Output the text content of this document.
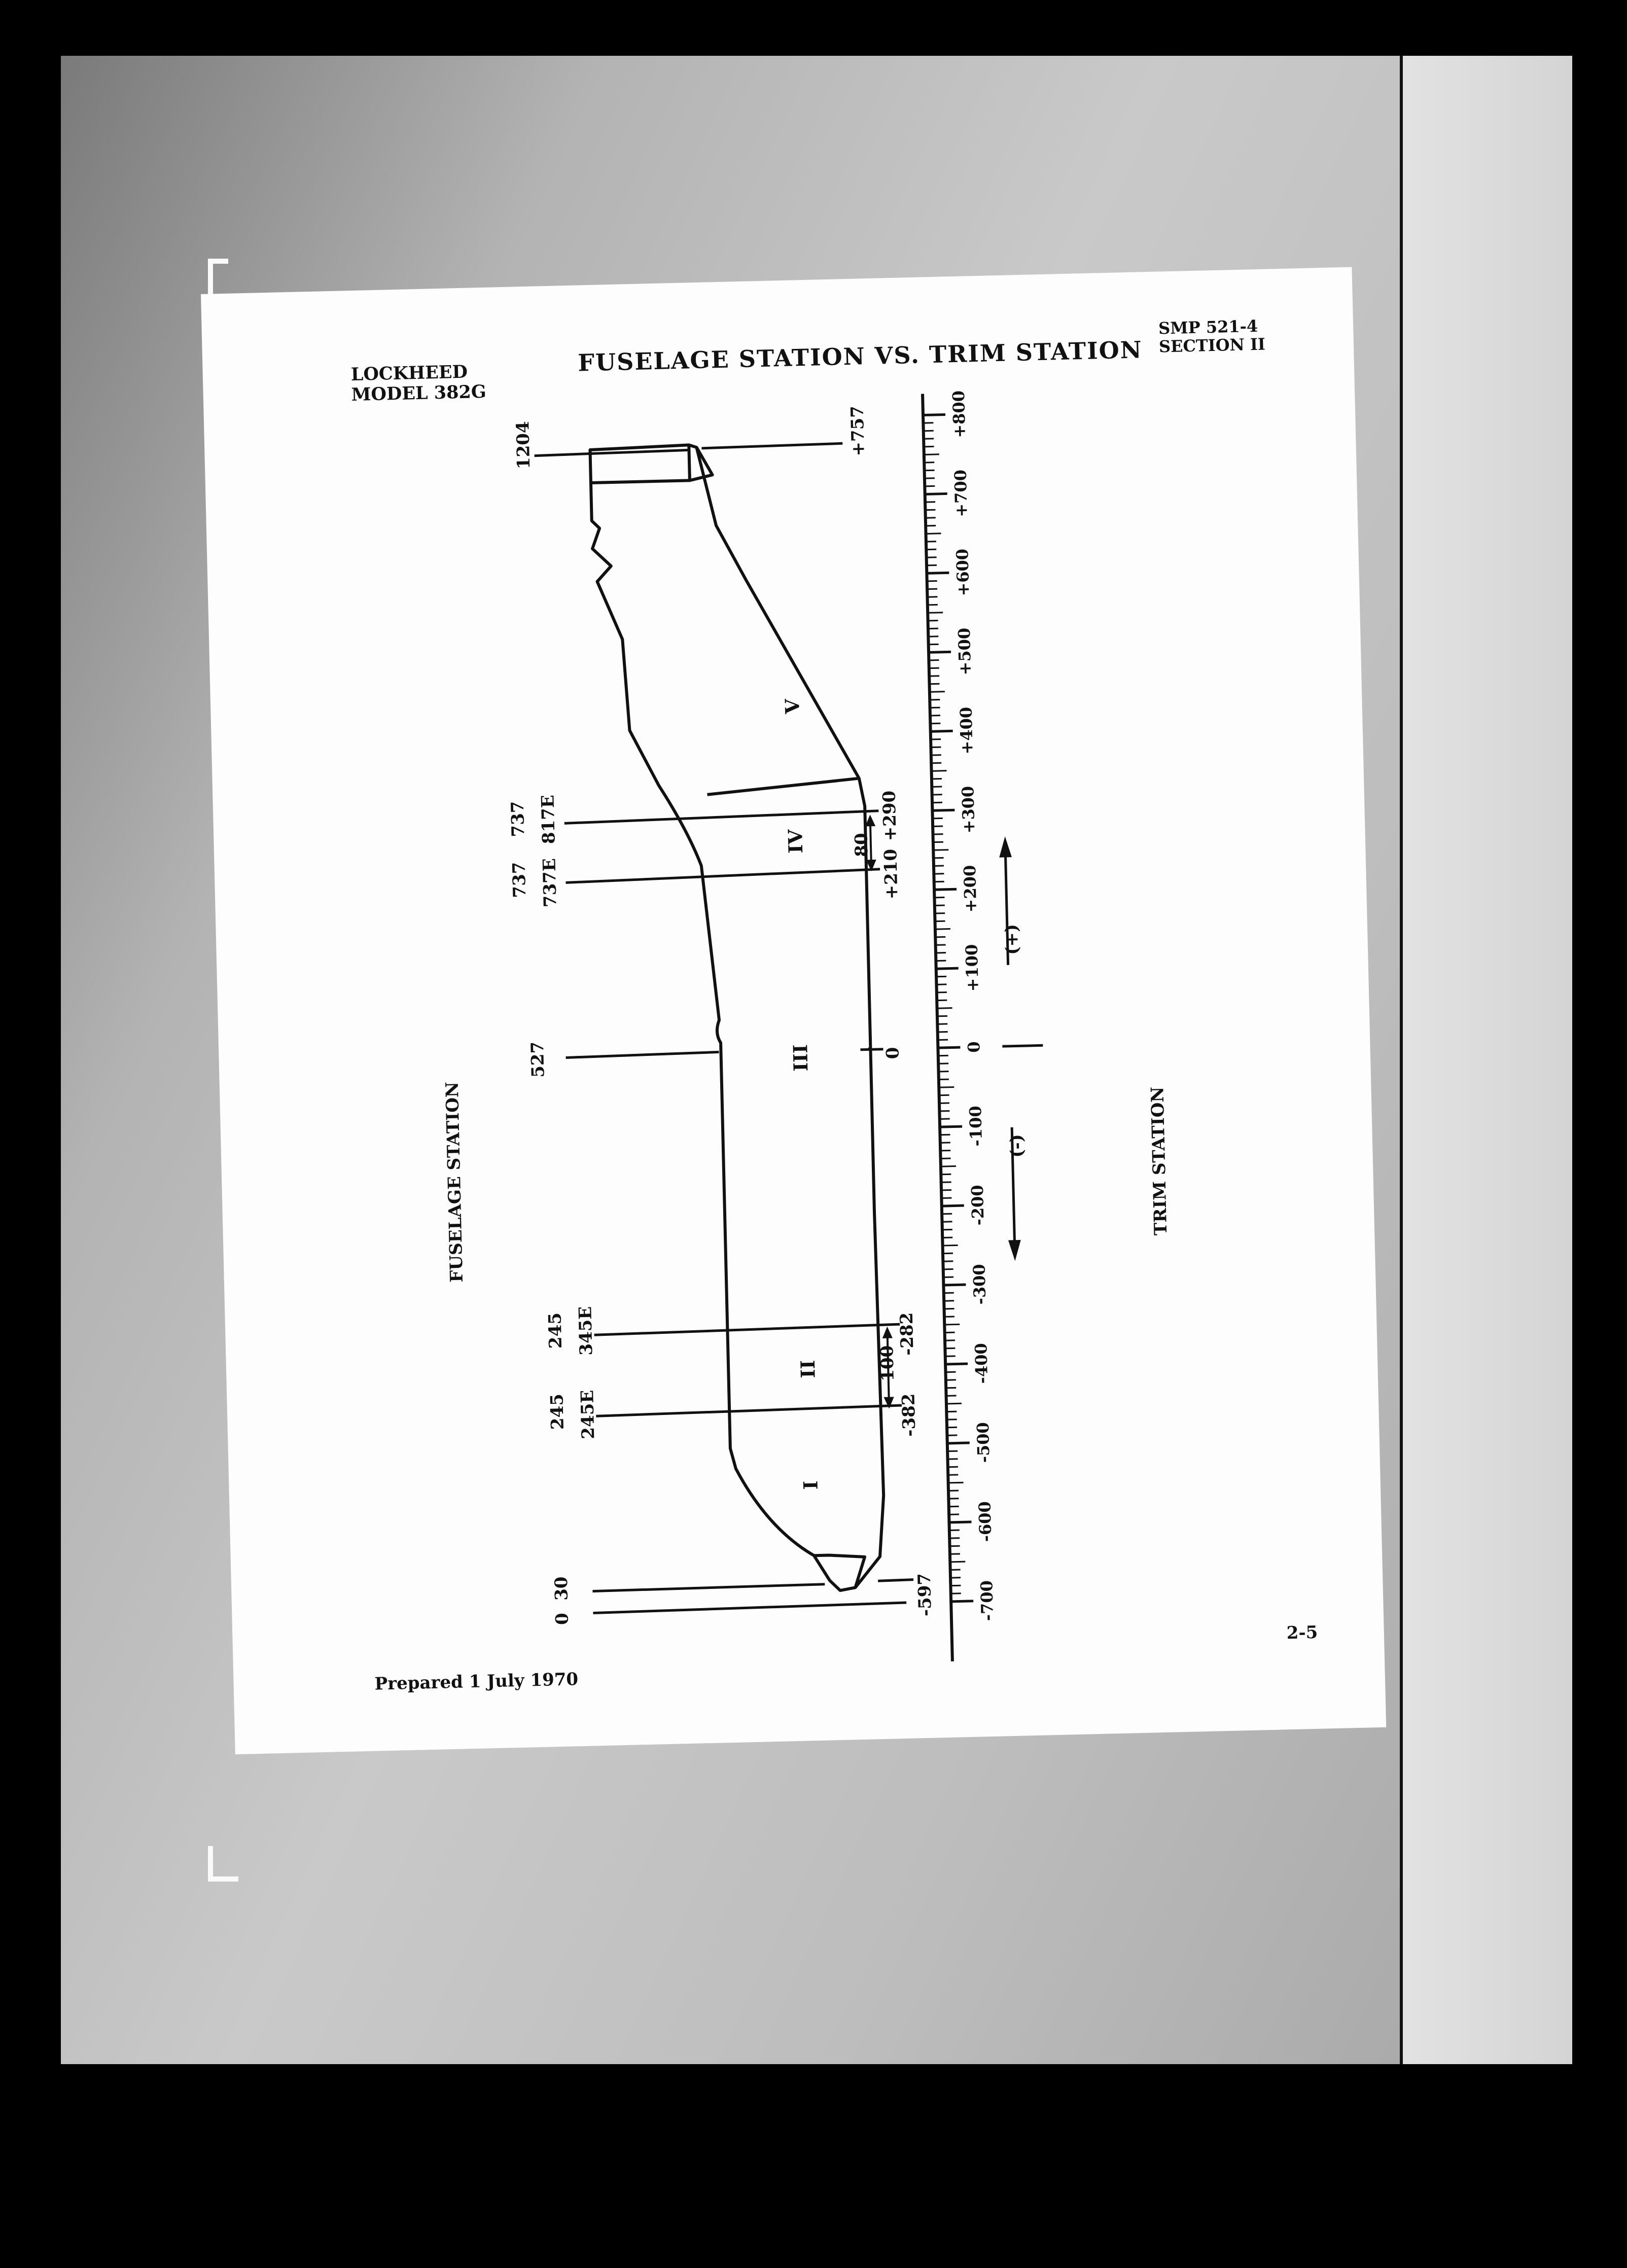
LOCKHEED
MODEL 382G
FUSELAGE STATION VS. TRIM STATION
SMP 521-4
SECTION II
-700
-600
-500
-400
-300
-200
-100
0
+100
+200
+300
+400
+500
+600
+700
+800
1204
737 817E
737 737E
527
245 345E
245 245E
30
0
+757
+290
+210
0
-282
-382
-597
80
100
V
IV
III
II
I
FUSELAGE STATION	TRIM STATION
(+)
(-)
Prepared 1 July 1970
2-5
